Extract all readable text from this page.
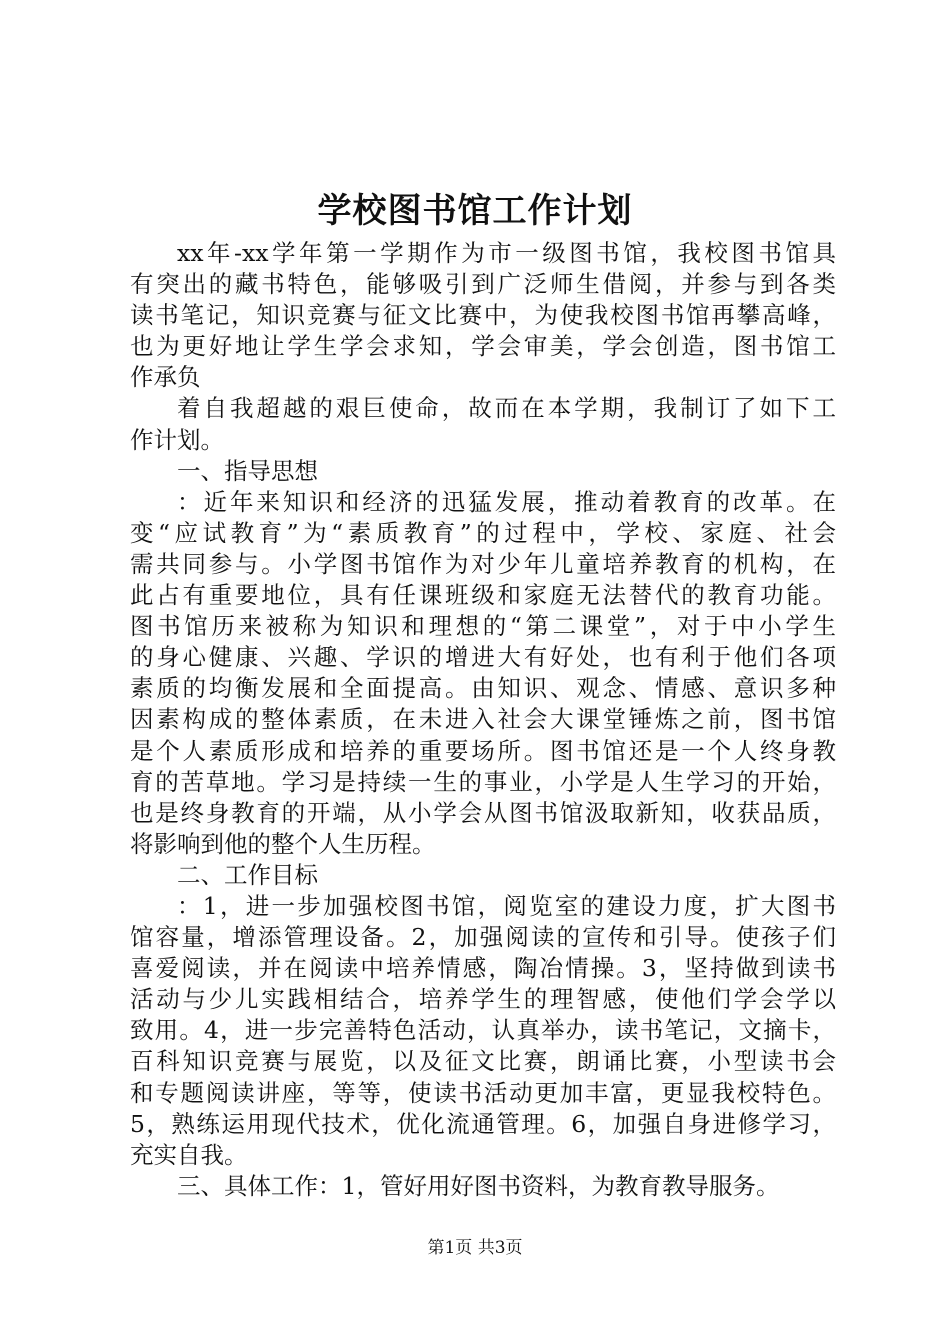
学校图书馆工作计划

xx年-xx学年第一学期作为市一级图书馆，我校图书馆具

有突出的藏书特色，能够吸引到广泛师生借阅，并参与到各类

读书笔记，知识竞赛与征文比赛中，为使我校图书馆再攀高峰，

也为更好地让学生学会求知，学会审美，学会创造，图书馆工

作承负

着自我超越的艰巨使命，故而在本学期，我制订了如下工

作计划。

一、指导思想

：近年来知识和经济的迅猛发展，推动着教育的改革。在

变“应试教育”为“素质教育”的过程中，学校、家庭、社会

需共同参与。小学图书馆作为对少年儿童培养教育的机构，在

此占有重要地位，具有任课班级和家庭无法替代的教育功能。

图书馆历来被称为知识和理想的“第二课堂”，对于中小学生

的身心健康、兴趣、学识的增进大有好处，也有利于他们各项

素质的均衡发展和全面提高。由知识、观念、情感、意识多种

因素构成的整体素质，在未进入社会大课堂锤炼之前，图书馆

是个人素质形成和培养的重要场所。图书馆还是一个人终身教

育的苦草地。学习是持续一生的事业，小学是人生学习的开始，

也是终身教育的开端，从小学会从图书馆汲取新知，收获品质，

将影响到他的整个人生历程。

二、工作目标

：1，进一步加强校图书馆，阅览室的建设力度，扩大图书

馆容量，增添管理设备。2，加强阅读的宣传和引导。使孩子们

喜爱阅读，并在阅读中培养情感，陶冶情操。3，坚持做到读书

活动与少儿实践相结合，培养学生的理智感，使他们学会学以

致用。4，进一步完善特色活动，认真举办，读书笔记，文摘卡，

百科知识竞赛与展览，以及征文比赛，朗诵比赛，小型读书会

和专题阅读讲座，等等，使读书活动更加丰富，更显我校特色。

5，熟练运用现代技术，优化流通管理。6，加强自身进修学习，

充实自我。

三、具体工作：1，管好用好图书资料，为教育教导服务。

第1页 共3页
